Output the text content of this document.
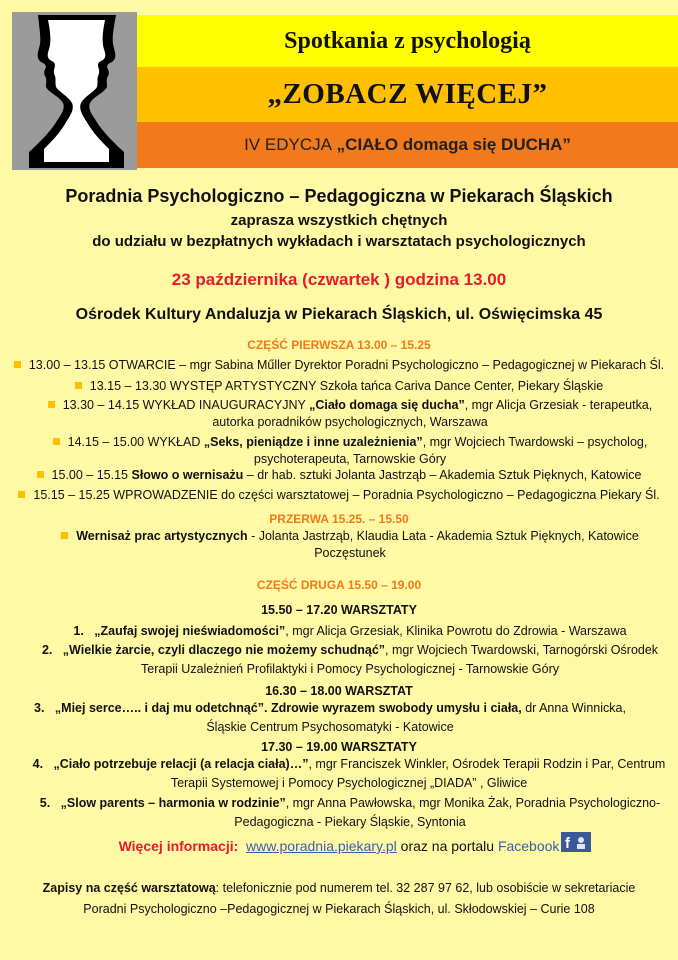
Spotkania z psychologią
„ZOBACZ WIĘCEJ”
IV EDYCJA
„CIAŁO domaga się DUCHA”
Poradnia Psychologiczno – Pedagogiczna w Piekarach Śląskich
zaprasza wszystkich chętnych
do udziału w bezpłatnych wykładach i warsztatach psychologicznych
23 października (czwartek ) godzina 13.00
Ośrodek Kultury Andaluzja w Piekarach Śląskich, ul. Oświęcimska 45
CZĘŚĆ PIERWSZA 13.00 – 15.25
13.00 – 13.15 OTWARCIE – mgr Sabina Műller Dyrektor Poradni Psychologiczno – Pedagogicznej w Piekarach Śl.
13.15 – 13.30 WYSTĘP ARTYSTYCZNY Szkoła tańca Cariva Dance Center, Piekary Śląskie
13.30 – 14.15 WYKŁAD INAUGURACYJNY „Ciało domaga się ducha”, mgr Alicja Grzesiak - terapeutka,
autorka poradników psychologicznych, Warszawa
14.15 – 15.00 WYKŁAD „Seks, pieniądze i inne uzależnienia”, mgr Wojciech Twardowski – psycholog,
psychoterapeuta, Tarnowskie Góry
15.00 – 15.15 Słowo o wernisażu – dr hab. sztuki Jolanta Jastrząb – Akademia Sztuk Pięknych, Katowice
15.15 – 15.25 WPROWADZENIE do części warsztatowej – Poradnia Psychologiczno – Pedagogiczna Piekary Śl.
PRZERWA 15.25. – 15.50
Wernisaż prac artystycznych - Jolanta Jastrząb, Klaudia Lata - Akademia Sztuk Pięknych, Katowice
Poczęstunek
CZĘŚĆ DRUGA 15.50 – 19.00
15.50 – 17.20 WARSZTATY
1. „Zaufaj swojej nieświadomości”, mgr Alicja Grzesiak, Klinika Powrotu do Zdrowia - Warszawa
2. „Wielkie żarcie, czyli dlaczego nie możemy schudnąć”, mgr Wojciech Twardowski, Tarnogórski Ośrodek
Terapii Uzależnień Profilaktyki i Pomocy Psychologicznej - Tarnowskie Góry
16.30 – 18.00 WARSZTAT
3. „Miej serce….. i daj mu odetchnąć”. Zdrowie wyrazem swobody umysłu i ciała, dr Anna Winnicka,
Śląskie Centrum Psychosomatyki - Katowice
17.30 – 19.00 WARSZTATY
4. „Ciało potrzebuje relacji (a relacja ciała)…”, mgr Franciszek Winkler, Ośrodek Terapii Rodzin i Par, Centrum
Terapii Systemowej i Pomocy Psychologicznej „DIADA” , Gliwice
5. „Slow parents – harmonia w rodzinie”, mgr Anna Pawłowska, mgr Monika Żak, Poradnia Psychologiczno-
Pedagogiczna - Piekary Śląskie, Syntonia
Więcej informacji: www.poradnia.piekary.pl oraz na portalu Facebook f
Zapisy na część warsztatową: telefonicznie pod numerem tel. 32 287 97 62, lub osobiście w sekretariacie
Poradni Psychologiczno –Pedagogicznej w Piekarach Śląskich, ul. Skłodowskiej – Curie 108
